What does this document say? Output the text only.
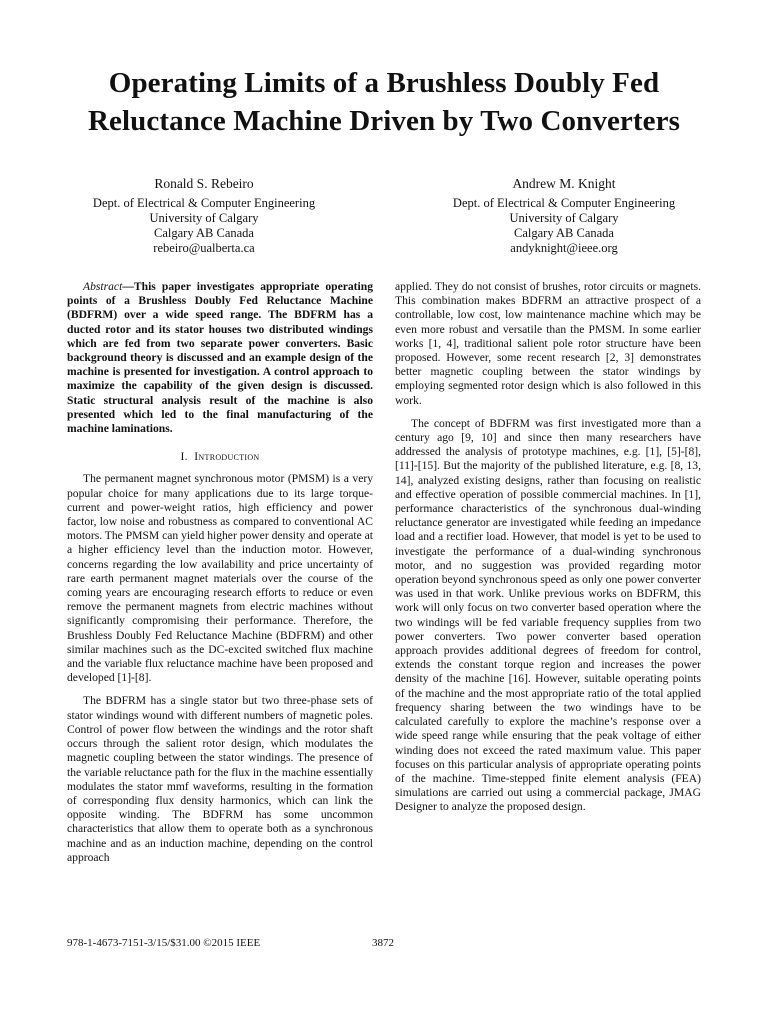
Operating Limits of a Brushless Doubly Fed
Reluctance Machine Driven by Two Converters
Ronald S. Rebeiro
Dept. of Electrical & Computer Engineering
University of Calgary
Calgary AB Canada
rebeiro@ualberta.ca
Andrew M. Knight
Dept. of Electrical & Computer Engineering
University of Calgary
Calgary AB Canada
andyknight@ieee.org

Abstract—This paper investigates appropriate operating points of a Brushless Doubly Fed Reluctance Machine (BDFRM) over a wide speed range. The BDFRM has a ducted rotor and its stator houses two distributed windings which are fed from two separate power converters. Basic background theory is discussed and an example design of the machine is presented for investigation. A control approach to maximize the capability of the given design is discussed. Static structural analysis result of the machine is also presented which led to the final manufacturing of the machine laminations.

I. Introduction

The permanent magnet synchronous motor (PMSM) is a very popular choice for many applications due to its large torque-current and power-weight ratios, high efficiency and power factor, low noise and robustness as compared to conventional AC motors. The PMSM can yield higher power density and operate at a higher efficiency level than the induction motor. However, concerns regarding the low availability and price uncertainty of rare earth permanent magnet materials over the course of the coming years are encouraging research efforts to reduce or even remove the permanent magnets from electric machines without significantly compromising their performance. Therefore, the Brushless Doubly Fed Reluctance Machine (BDFRM) and other similar machines such as the DC-excited switched flux machine and the variable flux reluctance machine have been proposed and developed [1]-[8].

The BDFRM has a single stator but two three-phase sets of stator windings wound with different numbers of magnetic poles. Control of power flow between the windings and the rotor shaft occurs through the salient rotor design, which modulates the magnetic coupling between the stator windings. The presence of the variable reluctance path for the flux in the machine essentially modulates the stator mmf waveforms, resulting in the formation of corresponding flux density harmonics, which can link the opposite winding. The BDFRM has some uncommon characteristics that allow them to operate both as a synchronous machine and as an induction machine, depending on the control approach

applied. They do not consist of brushes, rotor circuits or magnets. This combination makes BDFRM an attractive prospect of a controllable, low cost, low maintenance machine which may be even more robust and versatile than the PMSM. In some earlier works [1, 4], traditional salient pole rotor structure have been proposed. However, some recent research [2, 3] demonstrates better magnetic coupling between the stator windings by employing segmented rotor design which is also followed in this work.

The concept of BDFRM was first investigated more than a century ago [9, 10] and since then many researchers have addressed the analysis of prototype machines, e.g. [1], [5]-[8], [11]-[15]. But the majority of the published literature, e.g. [8, 13, 14], analyzed existing designs, rather than focusing on realistic and effective operation of possible commercial machines. In [1], performance characteristics of the synchronous dual-winding reluctance generator are investigated while feeding an impedance load and a rectifier load. However, that model is yet to be used to investigate the performance of a dual-winding synchronous motor, and no suggestion was provided regarding motor operation beyond synchronous speed as only one power converter was used in that work. Unlike previous works on BDFRM, this work will only focus on two converter based operation where the two windings will be fed variable frequency supplies from two power converters. Two power converter based operation approach provides additional degrees of freedom for control, extends the constant torque region and increases the power density of the machine [16]. However, suitable operating points of the machine and the most appropriate ratio of the total applied frequency sharing between the two windings have to be calculated carefully to explore the machine’s response over a wide speed range while ensuring that the peak voltage of either winding does not exceed the rated maximum value. This paper focuses on this particular analysis of appropriate operating points of the machine. Time-stepped finite element analysis (FEA) simulations are carried out using a commercial package, JMAG Designer to analyze the proposed design.

978-1-4673-7151-3/15/$31.00 ©2015 IEEE	3872
